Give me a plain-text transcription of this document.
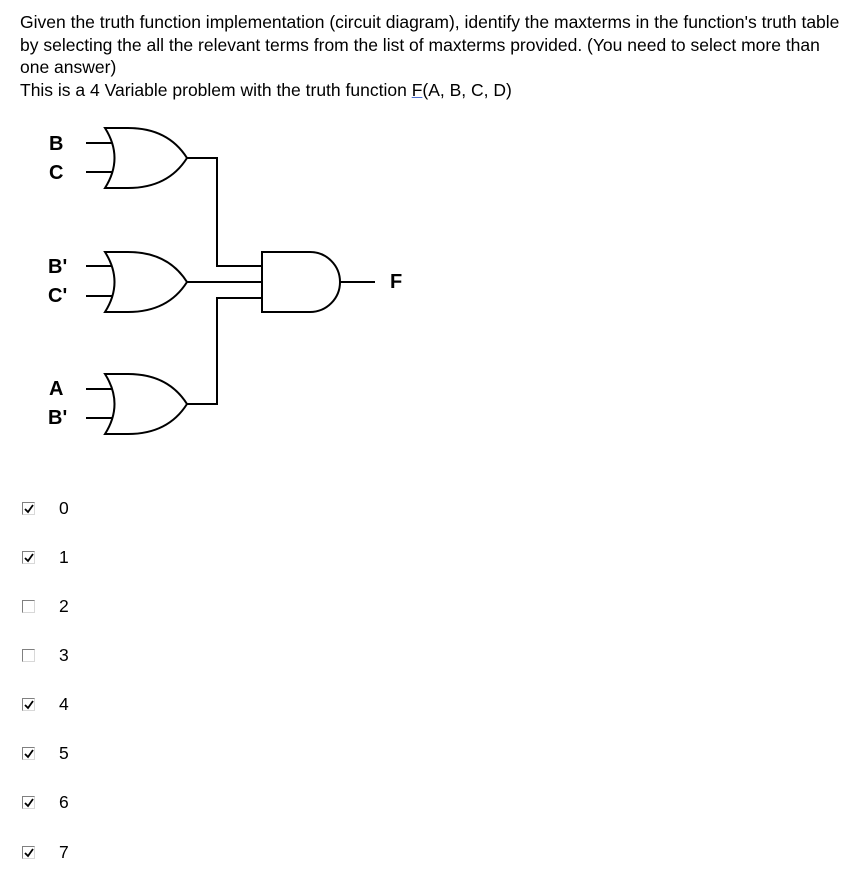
Given the truth function implementation (circuit diagram), identify the maxterms in the function's truth table by selecting the all the relevant terms from the list of maxterms provided. (You need to select more than one answer)

This is a 4 Variable problem with the truth function F(A, B, C, D)

B
C
B'
C'
A
B'
F
0
1
2
3
4
5
6
7
